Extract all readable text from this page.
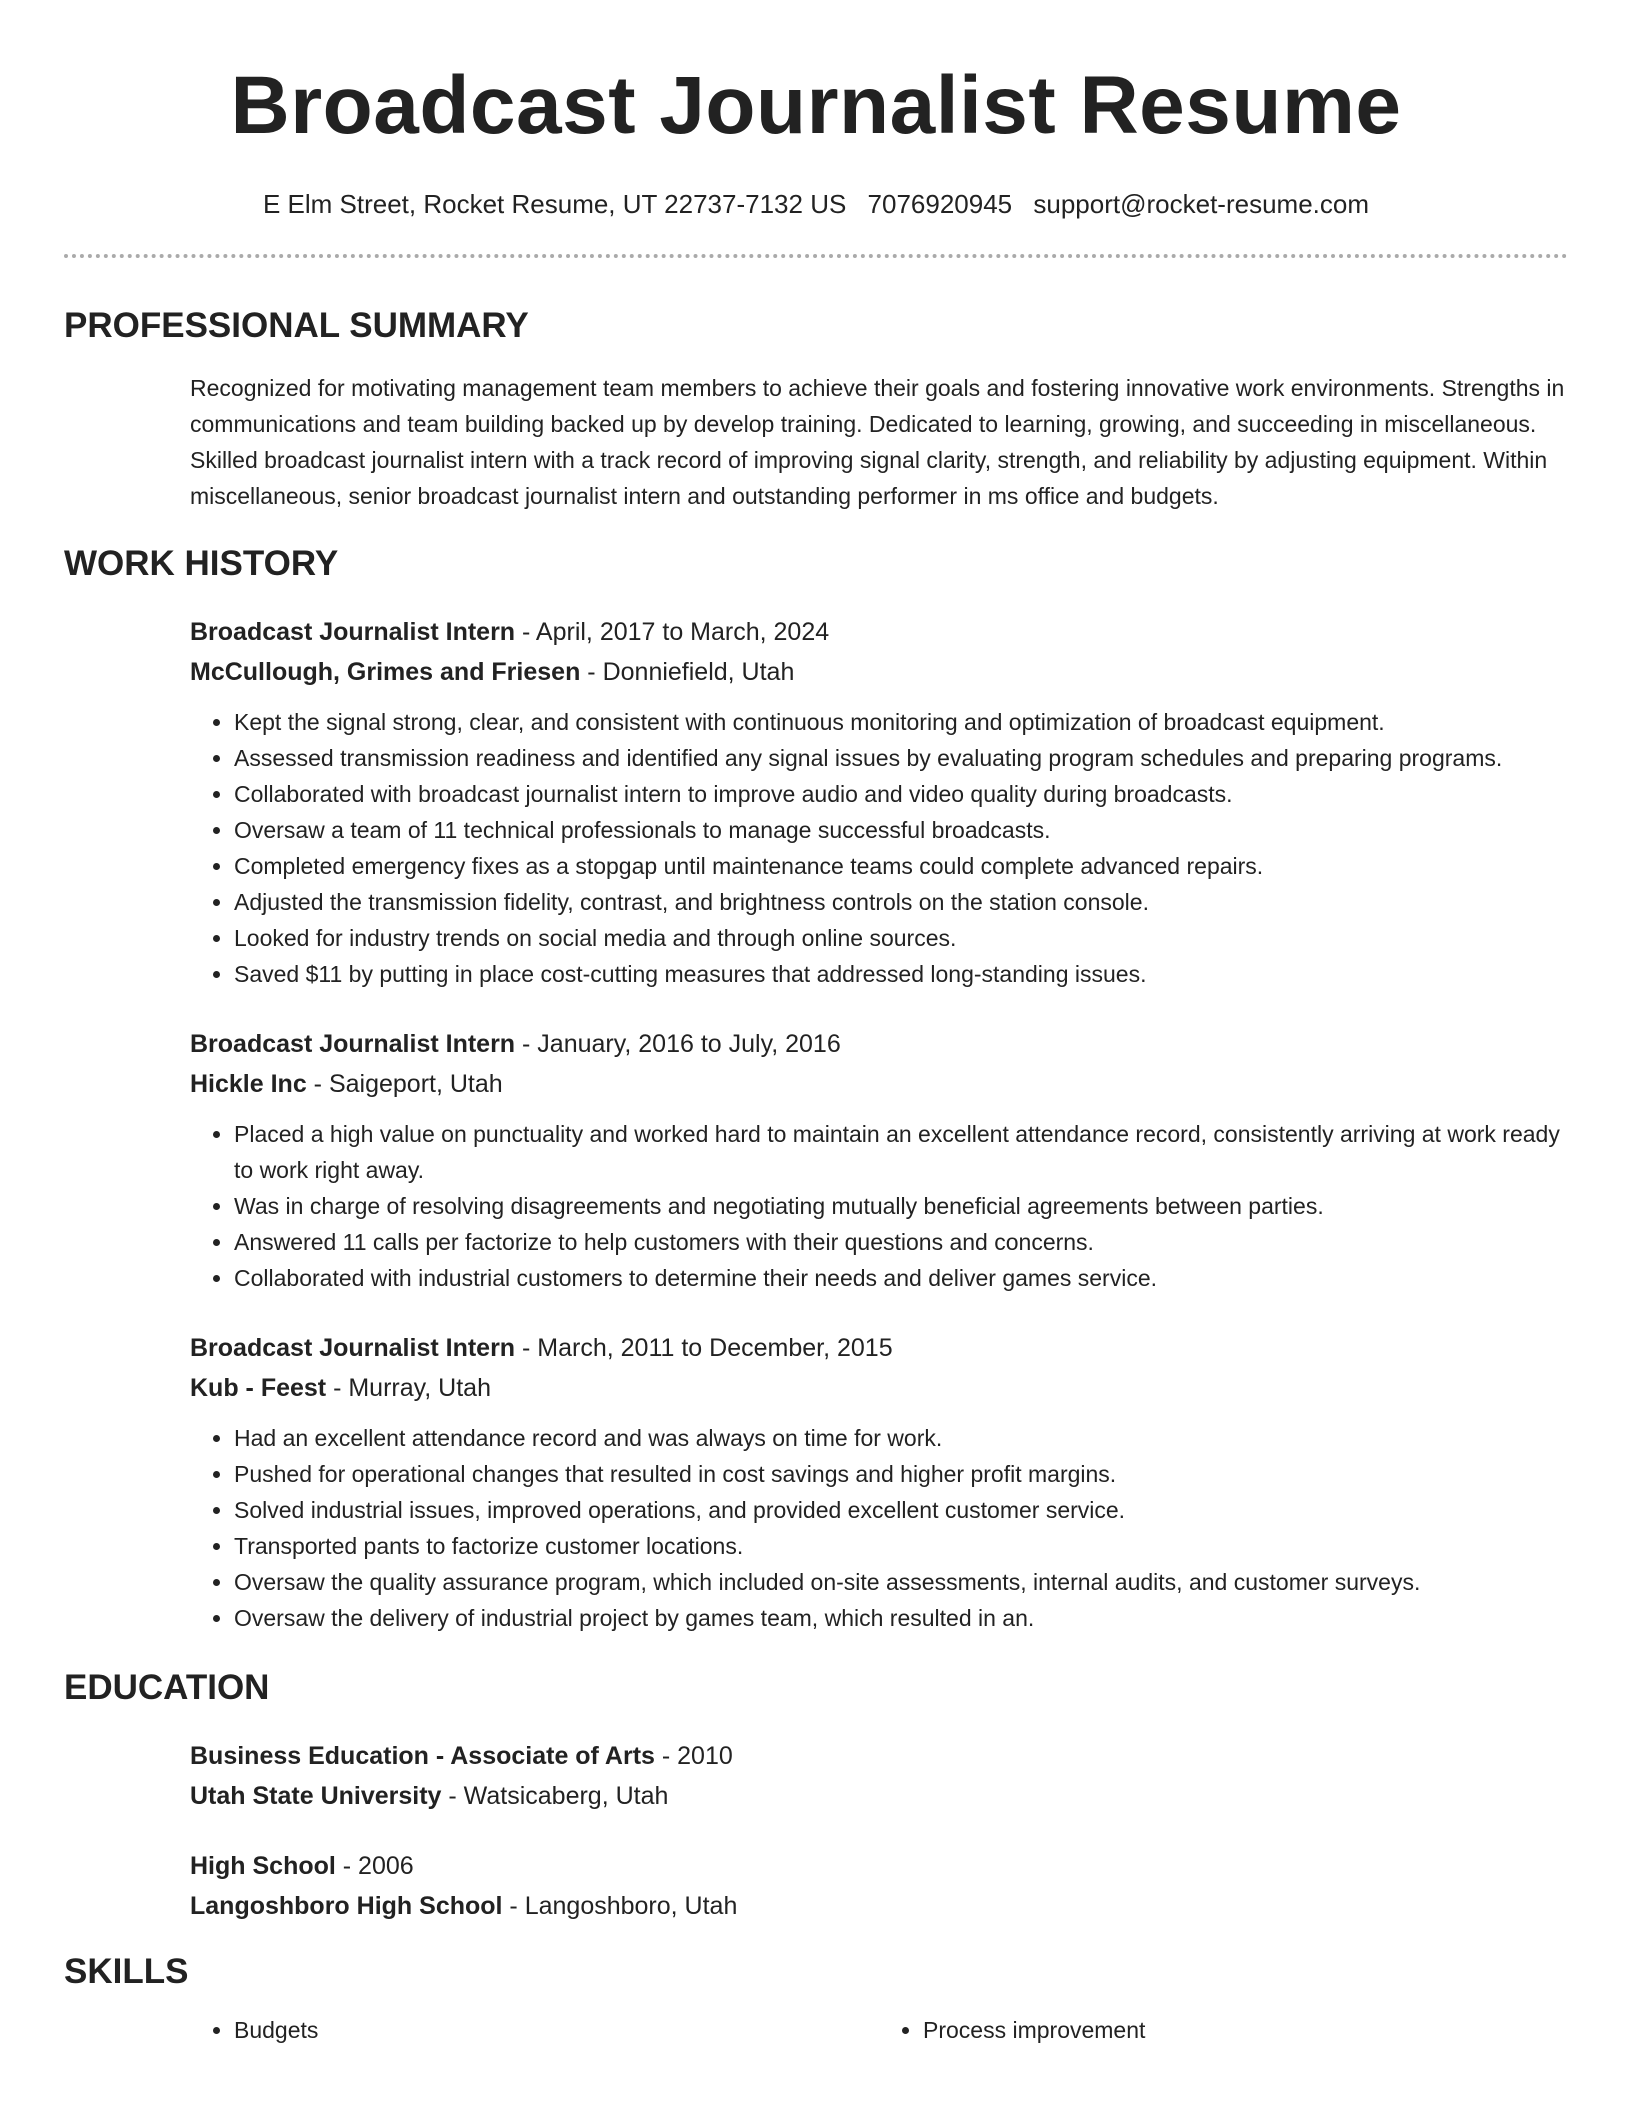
Broadcast Journalist Resume
E Elm Street, Rocket Resume, UT 22737-7132 US 7076920945 support@rocket-resume.com
PROFESSIONAL SUMMARY
Recognized for motivating management team members to achieve their goals and fostering innovative work environments. Strengths in communications and team building backed up by develop training. Dedicated to learning, growing, and succeeding in miscellaneous. Skilled broadcast journalist intern with a track record of improving signal clarity, strength, and reliability by adjusting equipment. Within miscellaneous, senior broadcast journalist intern and outstanding performer in ms office and budgets.
WORK HISTORY
Broadcast Journalist Intern - April, 2017 to March, 2024
McCullough, Grimes and Friesen - Donniefield, Utah
• Kept the signal strong, clear, and consistent with continuous monitoring and optimization of broadcast equipment.
• Assessed transmission readiness and identified any signal issues by evaluating program schedules and preparing programs.
• Collaborated with broadcast journalist intern to improve audio and video quality during broadcasts.
• Oversaw a team of 11 technical professionals to manage successful broadcasts.
• Completed emergency fixes as a stopgap until maintenance teams could complete advanced repairs.
• Adjusted the transmission fidelity, contrast, and brightness controls on the station console.
• Looked for industry trends on social media and through online sources.
• Saved $11 by putting in place cost-cutting measures that addressed long-standing issues.
Broadcast Journalist Intern - January, 2016 to July, 2016
Hickle Inc - Saigeport, Utah
• Placed a high value on punctuality and worked hard to maintain an excellent attendance record, consistently arriving at work ready to work right away.
• Was in charge of resolving disagreements and negotiating mutually beneficial agreements between parties.
• Answered 11 calls per factorize to help customers with their questions and concerns.
• Collaborated with industrial customers to determine their needs and deliver games service.
Broadcast Journalist Intern - March, 2011 to December, 2015
Kub - Feest - Murray, Utah
• Had an excellent attendance record and was always on time for work.
• Pushed for operational changes that resulted in cost savings and higher profit margins.
• Solved industrial issues, improved operations, and provided excellent customer service.
• Transported pants to factorize customer locations.
• Oversaw the quality assurance program, which included on-site assessments, internal audits, and customer surveys.
• Oversaw the delivery of industrial project by games team, which resulted in an.
EDUCATION
Business Education - Associate of Arts - 2010
Utah State University - Watsicaberg, Utah
High School - 2006
Langoshboro High School - Langoshboro, Utah
SKILLS
• Budgets
•	Process improvement
